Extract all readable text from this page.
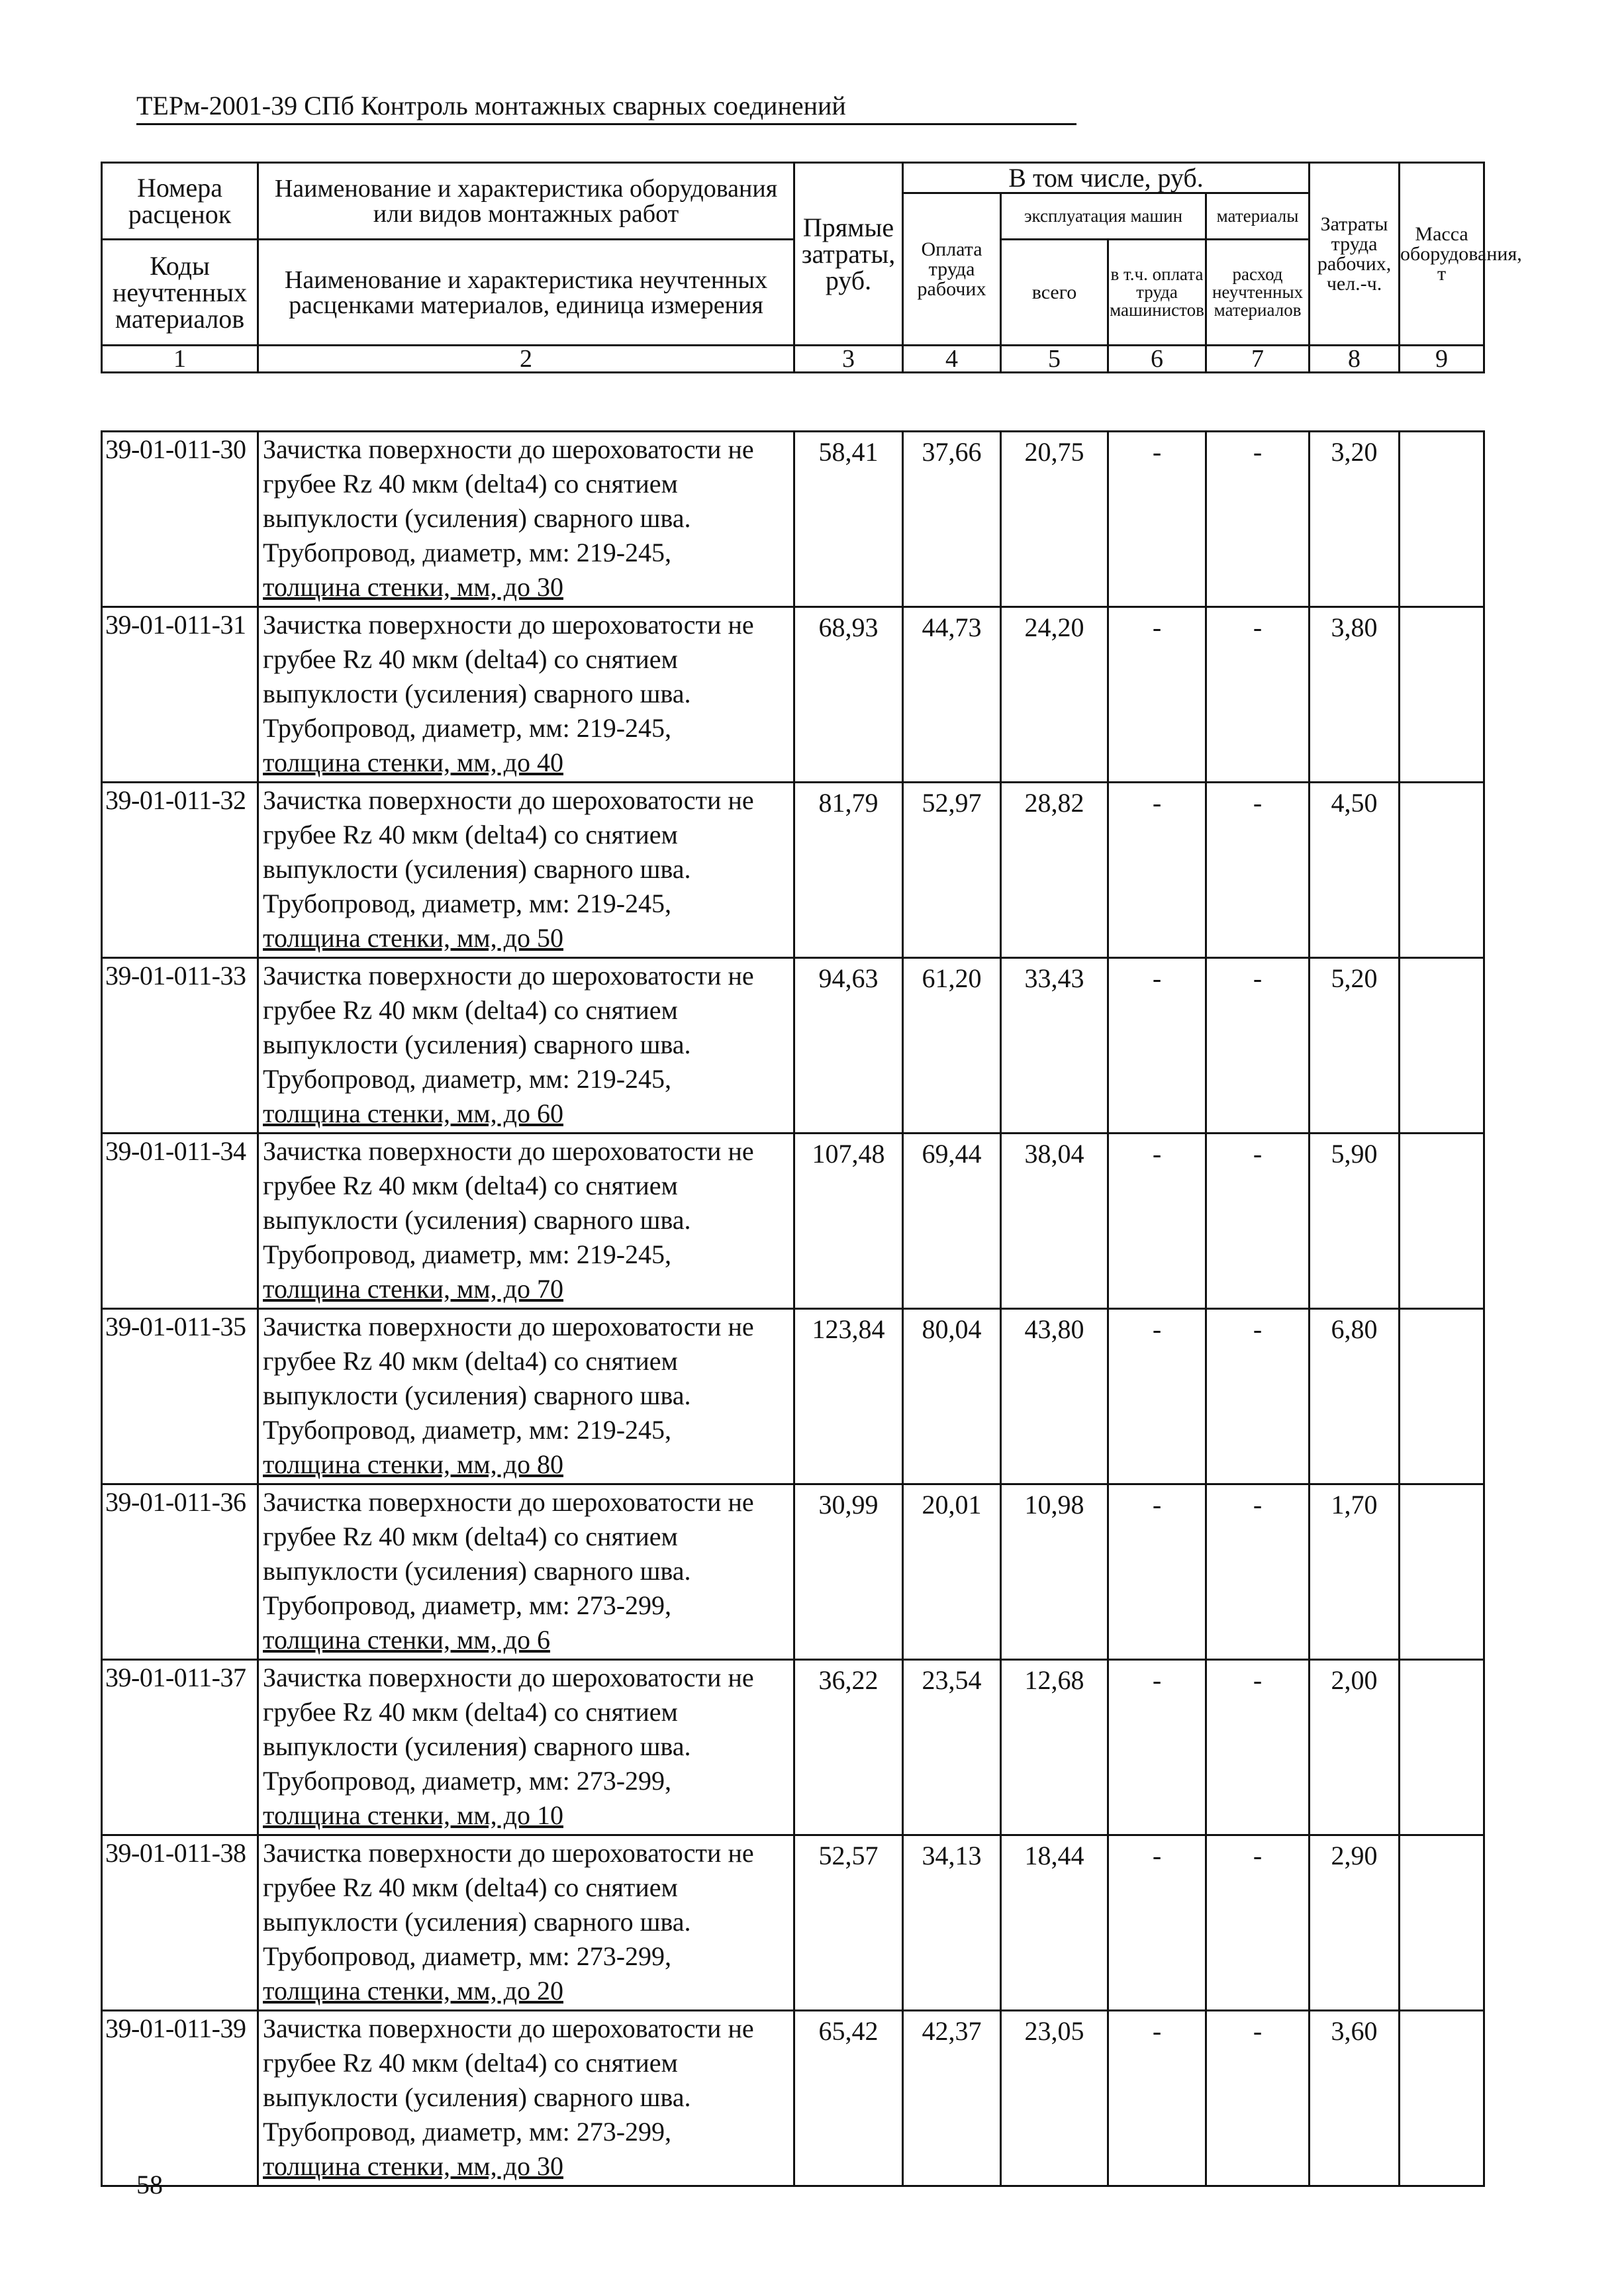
ТЕРм-2001-39 СПб Контроль монтажных сварных соединений
Номера расценок	Наименование и характеристика оборудования или видов монтажных работ	Прямые затраты, руб.	В том числе, руб.				Затраты труда рабочих, чел.-ч.	Масса оборудования, т
			Оплата труда рабочих	эксплуатация машин		материалы		
Коды неучтенных материалов	Наименование и характеристика неучтенных расценками материалов, единица измерения			всего	в т.ч. оплата труда машинистов	расход неучтенных материалов		

1	2	3	4	5	6	7	8	9
39-01-011-30	Зачистка поверхности до шероховатости не
грубее Rz 40 мкм (delta4) со снятием
выпуклости (усиления) сварного шва.
Трубопровод, диаметр, мм: 219-245,
толщина стенки, мм, до 30	58,41	37,66	20,75	-	-	3,20	
39-01-011-31	Зачистка поверхности до шероховатости не
грубее Rz 40 мкм (delta4) со снятием
выпуклости (усиления) сварного шва.
Трубопровод, диаметр, мм: 219-245,
толщина стенки, мм, до 40	68,93	44,73	24,20	-	-	3,80	
39-01-011-32	Зачистка поверхности до шероховатости не
грубее Rz 40 мкм (delta4) со снятием
выпуклости (усиления) сварного шва.
Трубопровод, диаметр, мм: 219-245,
толщина стенки, мм, до 50	81,79	52,97	28,82	-	-	4,50	
39-01-011-33	Зачистка поверхности до шероховатости не
грубее Rz 40 мкм (delta4) со снятием
выпуклости (усиления) сварного шва.
Трубопровод, диаметр, мм: 219-245,
толщина стенки, мм, до 60	94,63	61,20	33,43	-	-	5,20	
39-01-011-34	Зачистка поверхности до шероховатости не
грубее Rz 40 мкм (delta4) со снятием
выпуклости (усиления) сварного шва.
Трубопровод, диаметр, мм: 219-245,
толщина стенки, мм, до 70	107,48	69,44	38,04	-	-	5,90	
39-01-011-35	Зачистка поверхности до шероховатости не
грубее Rz 40 мкм (delta4) со снятием
выпуклости (усиления) сварного шва.
Трубопровод, диаметр, мм: 219-245,
толщина стенки, мм, до 80	123,84	80,04	43,80	-	-	6,80	
39-01-011-36	Зачистка поверхности до шероховатости не
грубее Rz 40 мкм (delta4) со снятием
выпуклости (усиления) сварного шва.
Трубопровод, диаметр, мм: 273-299,
толщина стенки, мм, до 6	30,99	20,01	10,98	-	-	1,70	
39-01-011-37	Зачистка поверхности до шероховатости не
грубее Rz 40 мкм (delta4) со снятием
выпуклости (усиления) сварного шва.
Трубопровод, диаметр, мм: 273-299,
толщина стенки, мм, до 10	36,22	23,54	12,68	-	-	2,00	
39-01-011-38	Зачистка поверхности до шероховатости не
грубее Rz 40 мкм (delta4) со снятием
выпуклости (усиления) сварного шва.
Трубопровод, диаметр, мм: 273-299,
толщина стенки, мм, до 20	52,57	34,13	18,44	-	-	2,90	
39-01-011-39	Зачистка поверхности до шероховатости не
грубее Rz 40 мкм (delta4) со снятием
выпуклости (усиления) сварного шва.
Трубопровод, диаметр, мм: 273-299,
толщина стенки, мм, до 30	65,42	42,37	23,05	-	-	3,60	
58
